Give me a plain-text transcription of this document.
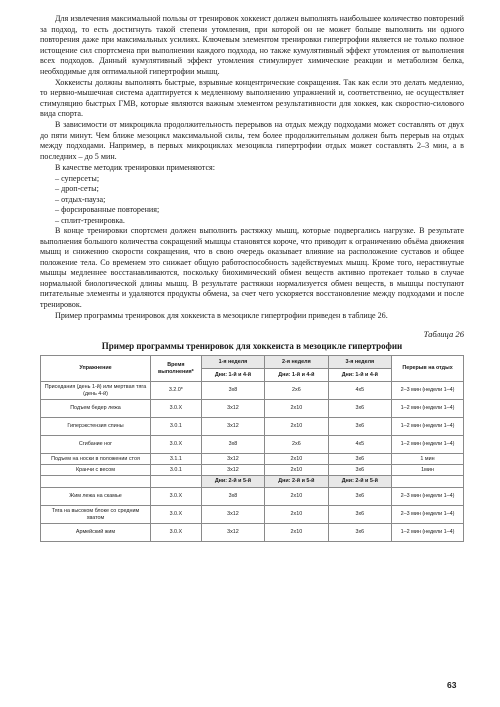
Для извлечения максимальной пользы от тренировок хоккеист должен выполнять наибольшее количество повторений за подход, то есть достигнуть такой степени утомления, при которой он не может больше выполнить ни одного повторения даже при максимальных усилиях. Ключевым элементом тренировки гипертрофии является не только полное истощение сил спортсмена при выполнении каждого подхода, но также кумулятивный эффект утомления от выполнения всех подходов. Данный кумулятивный эффект утомления стимулирует химические реакции и метаболизм белка, необходимые для оптимальной гипертрофии мышц.

Хоккеисты должны выполнять быстрые, взрывные концентрические сокращения. Так как если это делать медленно, то нервно-мышечная система адаптируется к медленному выполнению упражнений и, соответственно, не осуществляет стимуляцию быстрых ГМВ, которые являются важным элементом результативности для хоккея, как скоростно-силового вида спорта.

В зависимости от микроцикла продолжительность перерывов на отдых между подходами может составлять от двух до пяти минут. Чем ближе мезоцикл максимальной силы, тем более продолжительным должен быть перерыв на отдых между подходами. Например, в первых микроциклах мезоцикла гипертрофии отдых может составлять 2–3 мин, а в последних – до 5 мин.

В качестве методик тренировки применяются:

– суперсеты;
– дроп-сеты;
– отдых-пауза;
– форсированные повторения;
– сплит-тренировка.

В конце тренировки спортсмен должен выполнить растяжку мышц, которые подвергались нагрузке. В результате выполнения большого количества сокращений мышцы становятся короче, что приводит к ограничению объёма движения мышц и снижению скорости сокращения, что в свою очередь оказывает влияние на расположение суставов и общее положение тела. Со временем это снижает общую работоспособность задействуемых мышц. Кроме того, нерастянутые мышцы медленнее восстанавливаются, поскольку биохимический обмен веществ активно протекает только в случае нормальной биологической длины мышц. В результате растяжки нормализуется обмен веществ, в мышцы поступают питательные элементы и удаляются продукты обмена, за счет чего ускоряется восстановление между подходами и после тренировок.

Пример программы тренировок для хоккеиста в мезоцикле гипертрофии приведен в таблице 26.

Таблица 26
Пример программы тренировок для хоккеиста в мезоцикле гипертрофии
Упражнение	Время выполнения*	1-я неделя	2-я неделя	3-я неделя	Перерыв на отдых
		Дни: 1-й и 4-й	Дни: 1-й и 4-й	Дни: 1-й и 4-й	
Приседания (день 1-й) или мертвая тяга (день 4-й)	3.2.0*	3x8	2x6	4x5	2–3 мин (недели 1–4)
Подъем бедер лежа	3.0.X	3x12	2x10	3x6	1–2 мин (недели 1–4)
Гиперэкстензия спины	3.0.1	3x12	2x10	3x6	1–2 мин (недели 1–4)
Сгибание ног	3.0.X	3x8	2x6	4x5	1–2 мин (недели 1–4)
Подъем на носки в положении стоя	3.1.1	3x12	2x10	3x6	1 мин
Кранчи с весом	3.0.1	3x12	2x10	3x6	1мин
		Дни: 2-й и 5-й	Дни: 2-й и 5-й	Дни: 2-й и 5-й	
Жим лежа на скамье	3.0.X	3x8	2x10	3x6	2–3 мин (недели 1–4)
Тяга на высоком блоке со средним хватом	3.0.X	3x12	2x10	3x6	2–3 мин (недели 1–4)
Армейский жим	3.0.X	3x12	2x10	3x6	1–2 мин (недели 1–4)
63
